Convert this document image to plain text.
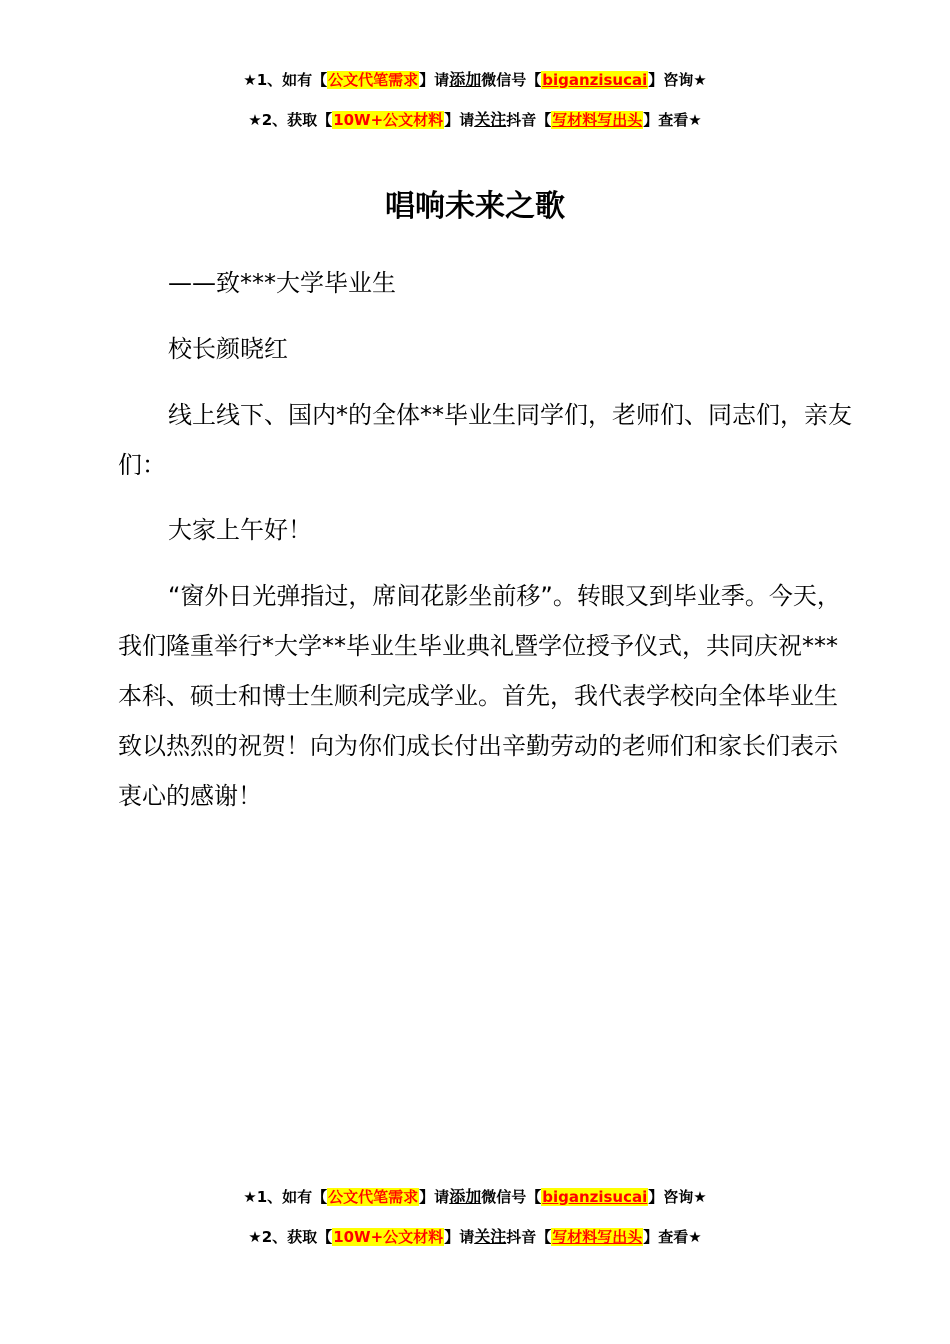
★1、如有【公文代笔需求】请添加微信号【biganzisucai】咨询★
★2、获取【10W+公文材料】请关注抖音【写材料写出头】查看★
唱响未来之歌

——致***大学毕业生

校长颜晓红

线上线下、国内*的全体**毕业生同学们，老师们、同志们，亲友们：

大家上午好！

“窗外日光弹指过，席间花影坐前移”。转眼又到毕业季。今天，我们隆重举行*大学**毕业生毕业典礼暨学位授予仪式，共同庆祝***本科、硕士和博士生顺利完成学业。首先，我代表学校向全体毕业生致以热烈的祝贺！向为你们成长付出辛勤劳动的老师们和家长们表示衷心的感谢！

★1、如有【公文代笔需求】请添加微信号【biganzisucai】咨询★
★2、获取【10W+公文材料】请关注抖音【写材料写出头】查看★
